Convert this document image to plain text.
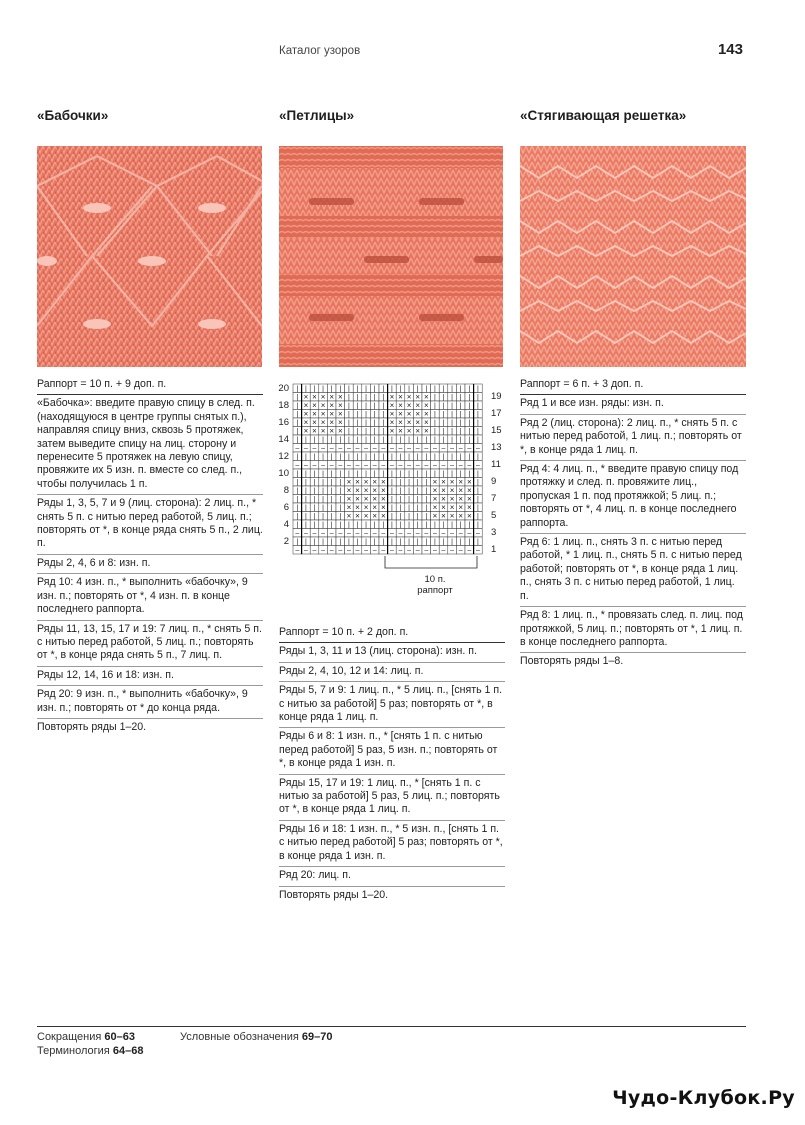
Каталог узоров	143
«Бабочки»	«Петлицы»	«Стягивающая решетка»

Раппорт = 10 п. + 9 доп. п.

«Бабочка»: введите правую спицу в след. п. (находящуюся в центре группы снятых п.), направляя спицу вниз, сквозь 5 протяжек, затем выведите спицу на лиц. сторону и перенесите 5 протяжек на левую спицу, провяжите их 5 изн. п. вместе со след. п., чтобы получилась 1 п.

Ряды 1, 3, 5, 7 и 9 (лиц. сторона): 2 лиц. п., * снять 5 п. с нитью перед работой, 5 лиц. п.; повторять от *, в конце ряда снять 5 п., 2 лиц. п.

Ряды 2, 4, 6 и 8: изн. п.

Ряд 10: 4 изн. п., * выполнить «бабочку», 9 изн. п.; повторять от *, 4 изн. п. в конце последнего раппорта.

Ряды 11, 13, 15, 17 и 19: 7 лиц. п., * снять 5 п. с нитью перед работой, 5 лиц. п.; повторять от *, в конце ряда снять 5 п., 7 лиц. п.

Ряды 12, 14, 16 и 18: изн. п.

Ряд 20: 9 изн. п., * выполнить «бабочку», 9 изн. п.; повторять от * до конца ряда.

Повторять ряды 1–20.

| | | | | | | | | | | | | | | | | | | | | |
| × × × × × | | | | | × × × × × | | | | | |
| × × × × × | | | | | × × × × × | | | | | |
| × × × × × | | | | | × × × × × | | | | | |
| × × × × × | | | | | × × × × × | | | | | |
| × × × × × | | | | | × × × × × | | | | | |
| | | | | | | | | | | | | | | | | | | | | |
– – – – – – – – – – – – – – – – – – – – – –
| | | | | | | | | | | | | | | | | | | | | |
– – – – – – – – – – – – – – – – – – – – – –
| | | | | | | | | | | | | | | | | | | | | |
| | | | | | × × × × × | | | | | × × × × × |
| | | | | | × × × × × | | | | | × × × × × |
| | | | | | × × × × × | | | | | × × × × × |
| | | | | | × × × × × | | | | | × × × × × |
| | | | | | × × × × × | | | | | × × × × × |
| | | | | | | | | | | | | | | | | | | | | |
– – – – – – – – – – – – – – – – – – – – – –
| | | | | | | | | | | | | | | | | | | | | |
– – – – – – – – – – – – – – – – – – – – – –
20
18
16
14
12
10
8
6
4
2
19
17
15
13
11
9
7
5
3
1
10 п.
раппорт

Раппорт = 10 п. + 2 доп. п.

Ряды 1, 3, 11 и 13 (лиц. сторона): изн. п.

Ряды 2, 4, 10, 12 и 14: лиц. п.

Ряды 5, 7 и 9: 1 лиц. п., * 5 лиц. п., [снять 1 п. с нитью за работой] 5 раз; повторять от *, в конце ряда 1 лиц. п.

Ряды 6 и 8: 1 изн. п., * [снять 1 п. с нитью перед работой] 5 раз, 5 изн. п.; повторять от *, в конце ряда 1 изн. п.

Ряды 15, 17 и 19: 1 лиц. п., * [снять 1 п. с нитью за работой] 5 раз, 5 лиц. п.; повторять от *, в конце ряда 1 лиц. п.

Ряды 16 и 18: 1 изн. п., * 5 изн. п., [снять 1 п. с нитью перед работой] 5 раз; повторять от *, в конце ряда 1 изн. п.

Ряд 20: лиц. п.

Повторять ряды 1–20.

Раппорт = 6 п. + 3 доп. п.

Ряд 1 и все изн. ряды: изн. п.

Ряд 2 (лиц. сторона): 2 лиц. п., * снять 5 п. с нитью перед работой, 1 лиц. п.; повторять от *, в конце ряда 1 лиц. п.

Ряд 4: 4 лиц. п., * введите правую спицу под протяжку и след. п. провяжите лиц., пропуская 1 п. под протяжкой; 5 лиц. п.; повторять от *, 4 лиц. п. в конце последнего раппорта.

Ряд 6: 1 лиц. п., снять 3 п. с нитью перед работой, * 1 лиц. п., снять 5 п. с нитью перед работой; повторять от *, в конце ряда 1 лиц. п., снять 3 п. с нитью перед работой, 1 лиц. п.

Ряд 8: 1 лиц. п., * провязать след. п. лиц. под протяжкой, 5 лиц. п.; повторять от *, 1 лиц. п. в конце последнего раппорта.

Повторять ряды 1–8.

Сокращения 60–63
Терминология 64–68
Условные обозначения 69–70
Чудо-Клубок.Ру
